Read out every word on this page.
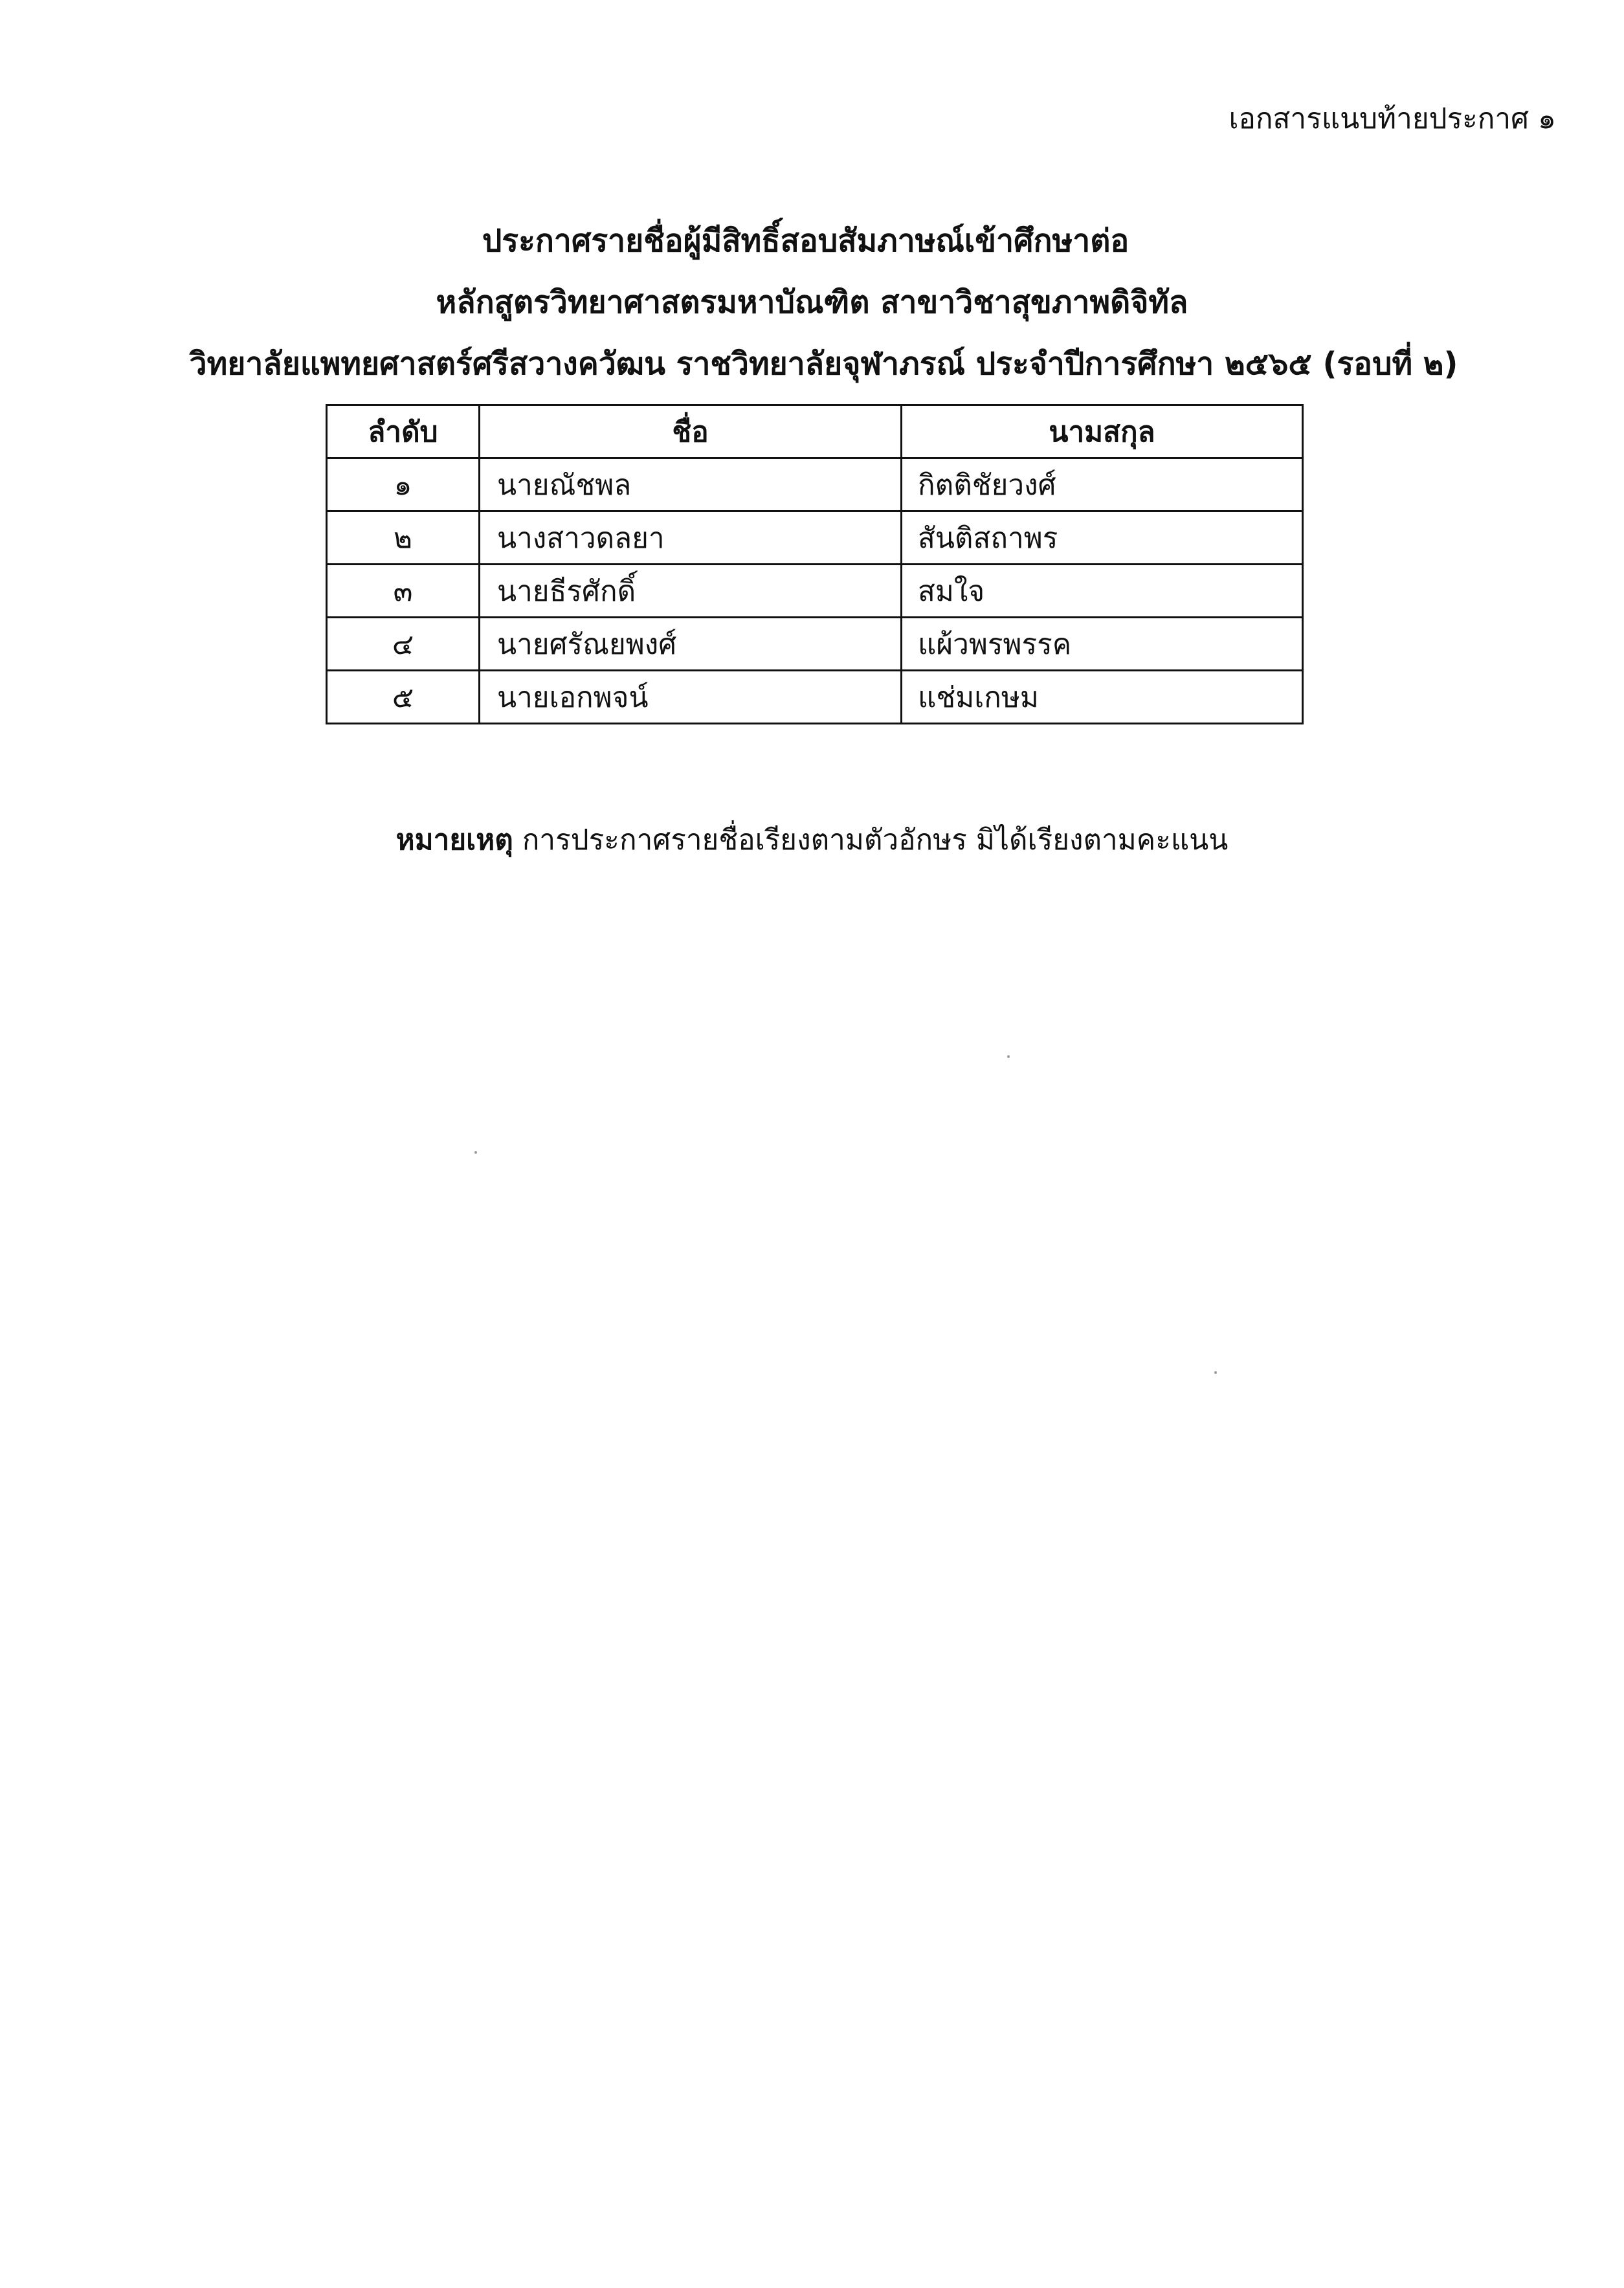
เอกสารแนบท้ายประกาศ ๑
ประกาศรายชื่อผู้มีสิทธิ์สอบสัมภาษณ์เข้าศึกษาต่อ
หลักสูตรวิทยาศาสตรมหาบัณฑิต สาขาวิชาสุขภาพดิจิทัล
วิทยาลัยแพทยศาสตร์ศรีสวางควัฒน ราชวิทยาลัยจุฬาภรณ์ ประจำปีการศึกษา ๒๕๖๕ (รอบที่ ๒)
ลำดับ	ชื่อ	นามสกุล
๑	นายณัชพล	กิตติชัยวงศ์
๒	นางสาวดลยา	สันติสถาพร
๓	นายธีรศักดิ์	สมใจ
๔	นายศรัณยพงศ์	แผ้วพรพรรค
๕	นายเอกพจน์	แช่มเกษม
หมายเหตุ การประกาศรายชื่อเรียงตามตัวอักษร มิได้เรียงตามคะแนน
